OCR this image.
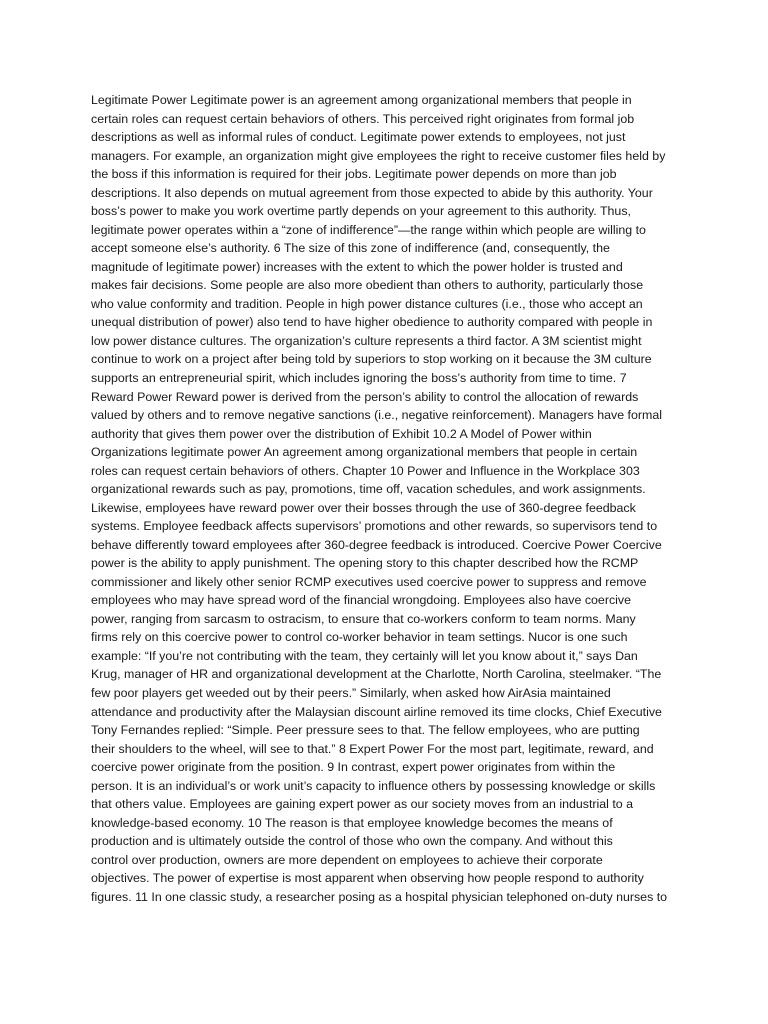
Legitimate Power Legitimate power is an agreement among organizational members that people in
certain roles can request certain behaviors of others. This perceived right originates from formal job
descriptions as well as informal rules of conduct. Legitimate power extends to employees, not just
managers. For example, an organization might give employees the right to receive customer files held by
the boss if this information is required for their jobs. Legitimate power depends on more than job
descriptions. It also depends on mutual agreement from those expected to abide by this authority. Your
boss’s power to make you work overtime partly depends on your agreement to this authority. Thus,
legitimate power operates within a “zone of indifference”—the range within which people are willing to
accept someone else’s authority. 6 The size of this zone of indifference (and, consequently, the
magnitude of legitimate power) increases with the extent to which the power holder is trusted and
makes fair decisions. Some people are also more obedient than others to authority, particularly those
who value conformity and tradition. People in high power distance cultures (i.e., those who accept an
unequal distribution of power) also tend to have higher obedience to authority compared with people in
low power distance cultures. The organization’s culture represents a third factor. A 3M scientist might
continue to work on a project after being told by superiors to stop working on it because the 3M culture
supports an entrepreneurial spirit, which includes ignoring the boss’s authority from time to time. 7
Reward Power Reward power is derived from the person’s ability to control the allocation of rewards
valued by others and to remove negative sanctions (i.e., negative reinforcement). Managers have formal
authority that gives them power over the distribution of Exhibit 10.2 A Model of Power within
Organizations legitimate power An agreement among organizational members that people in certain
roles can request certain behaviors of others. Chapter 10 Power and Influence in the Workplace 303
organizational rewards such as pay, promotions, time off, vacation schedules, and work assignments.
Likewise, employees have reward power over their bosses through the use of 360-degree feedback
systems. Employee feedback affects supervisors’ promotions and other rewards, so supervisors tend to
behave differently toward employees after 360-degree feedback is introduced. Coercive Power Coercive
power is the ability to apply punishment. The opening story to this chapter described how the RCMP
commissioner and likely other senior RCMP executives used coercive power to suppress and remove
employees who may have spread word of the financial wrongdoing. Employees also have coercive
power, ranging from sarcasm to ostracism, to ensure that co-workers conform to team norms. Many
firms rely on this coercive power to control co-worker behavior in team settings. Nucor is one such
example: “If you’re not contributing with the team, they certainly will let you know about it,” says Dan
Krug, manager of HR and organizational development at the Charlotte, North Carolina, steelmaker. “The
few poor players get weeded out by their peers.” Similarly, when asked how AirAsia maintained
attendance and productivity after the Malaysian discount airline removed its time clocks, Chief Executive
Tony Fernandes replied: “Simple. Peer pressure sees to that. The fellow employees, who are putting
their shoulders to the wheel, will see to that.” 8 Expert Power For the most part, legitimate, reward, and
coercive power originate from the position. 9 In contrast, expert power originates from within the
person. It is an individual’s or work unit’s capacity to influence others by possessing knowledge or skills
that others value. Employees are gaining expert power as our society moves from an industrial to a
knowledge-based economy. 10 The reason is that employee knowledge becomes the means of
production and is ultimately outside the control of those who own the company. And without this
control over production, owners are more dependent on employees to achieve their corporate
objectives. The power of expertise is most apparent when observing how people respond to authority
figures. 11 In one classic study, a researcher posing as a hospital physician telephoned on-duty nurses to
